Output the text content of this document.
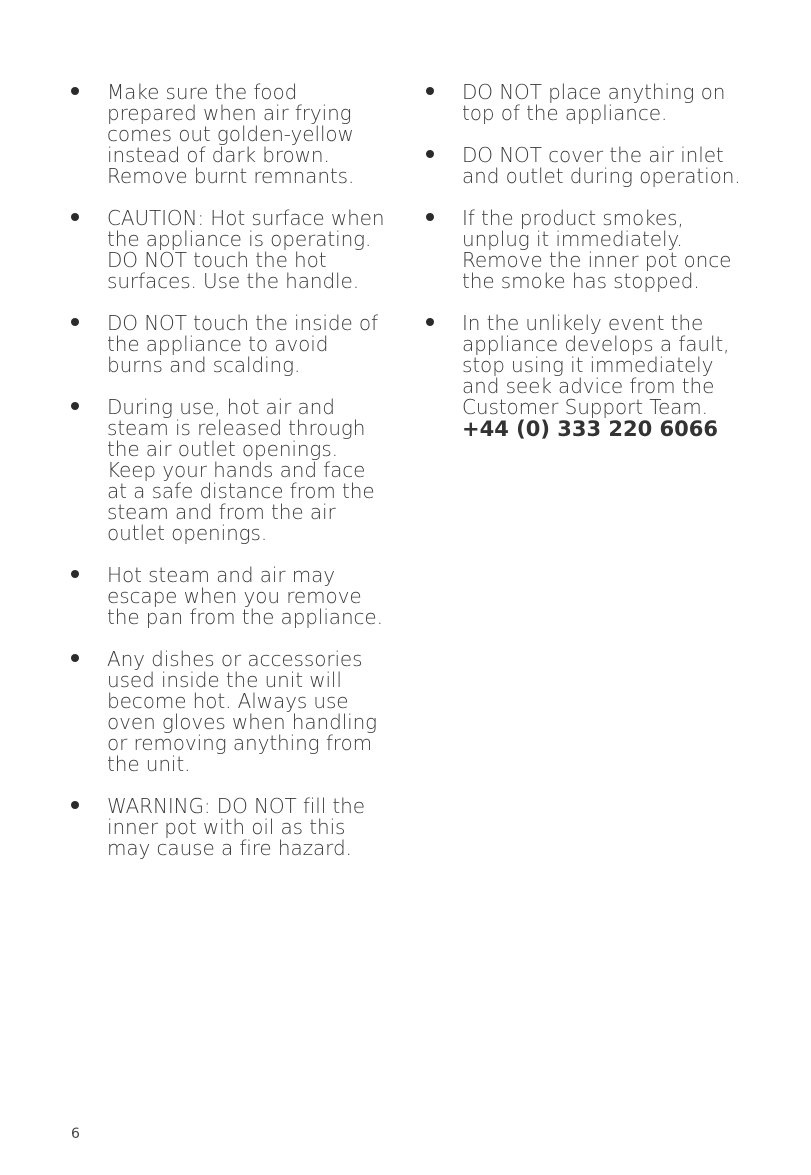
Make sure the food prepared when air frying comes out golden-yellow instead of dark brown. Remove burnt remnants.
CAUTION: Hot surface when the appliance is operating. DO NOT touch the hot surfaces. Use the handle.
DO NOT touch the inside of the appliance to avoid burns and scalding.
During use, hot air and steam is released through the air outlet openings. Keep your hands and face at a safe distance from the steam and from the air outlet openings.
Hot steam and air may escape when you remove the pan from the appliance.
Any dishes or accessories used inside the unit will become hot. Always use oven gloves when handling or removing anything from the unit.
WARNING: DO NOT fill the inner pot with oil as this may cause a fire hazard.
DO NOT place anything on top of the appliance.
DO NOT cover the air inlet and outlet during operation.
If the product smokes, unplug it immediately. Remove the inner pot once the smoke has stopped.
In the unlikely event the appliance develops a fault, stop using it immediately and seek advice from the Customer Support Team.
+44 (0) 333 220 6066
6
